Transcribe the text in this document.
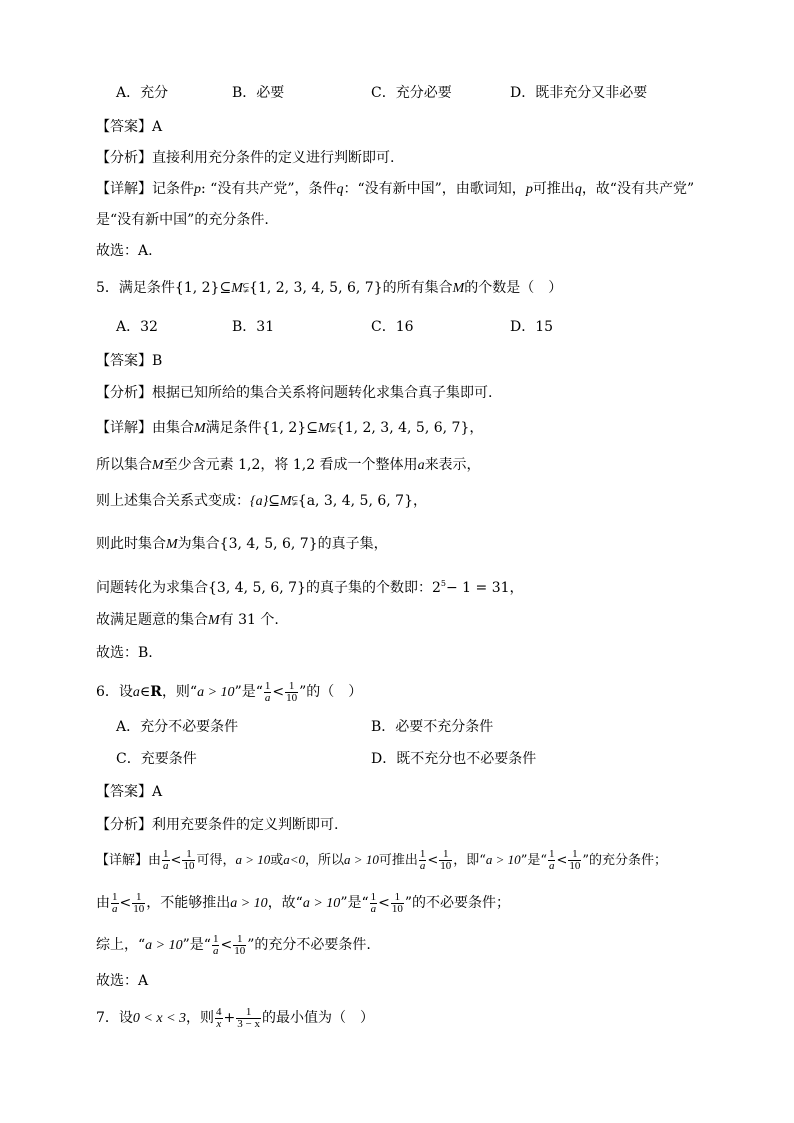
A．充分	B．必要	C．充分必要	D．既非充分又非必要
【答案】A
【分析】直接利用充分条件的定义进行判断即可.
【详解】记条件p: “没有共产党”，条件q：“没有新中国”，由歌词知，p可推出q，故“没有共产党”
是“没有新中国”的充分条件.
故选：A.
5．满足条件{1, 2}⊆M⫋{1, 2, 3, 4, 5, 6, 7}的所有集合M的个数是（　）
A．32	B．31	C．16	D．15
【答案】B
【分析】根据已知所给的集合关系将问题转化求集合真子集即可.
【详解】由集合M满足条件{1, 2}⊆M⫋{1, 2, 3, 4, 5, 6, 7}，
所以集合M至少含元素 1,2，将 1,2 看成一个整体用a来表示，
则上述集合关系式变成：{a}⊆M⫋{a, 3, 4, 5, 6, 7}，
则此时集合M为集合{3, 4, 5, 6, 7}的真子集，
问题转化为求集合{3, 4, 5, 6, 7}的真子集的个数即：$2^5- 1 = 31$，
故满足题意的集合M有 31 个.
故选：B.
6．设a∈R，则“a > 10”是“ $\frac{1}{a} < \frac{1}{10}$ ”的（　）
A．充分不必要条件	B．必要不充分条件
C．充要条件	D．既不充分也不必要条件
【答案】A
【分析】利用充要条件的定义判断即可.
【详解】由 $\frac{1}{a} < \frac{1}{10}$ 可得，a > 10或a<0，所以a > 10可推出 $\frac{1}{a} < \frac{1}{10}$ ，即“a > 10”是“ $\frac{1}{a} < \frac{1}{10}$ ”的充分条件；
由 $\frac{1}{a} < \frac{1}{10}$ ，不能够推出a > 10，故“a > 10”是“ $\frac{1}{a} < \frac{1}{10}$ ”的不必要条件；
综上，“a > 10”是“ $\frac{1}{a} < \frac{1}{10}$ ”的充分不必要条件.
故选：A
7．设0 < x < 3，则 $\frac{4}{x} + \frac{1}{3 - x}$ 的最小值为（　）
